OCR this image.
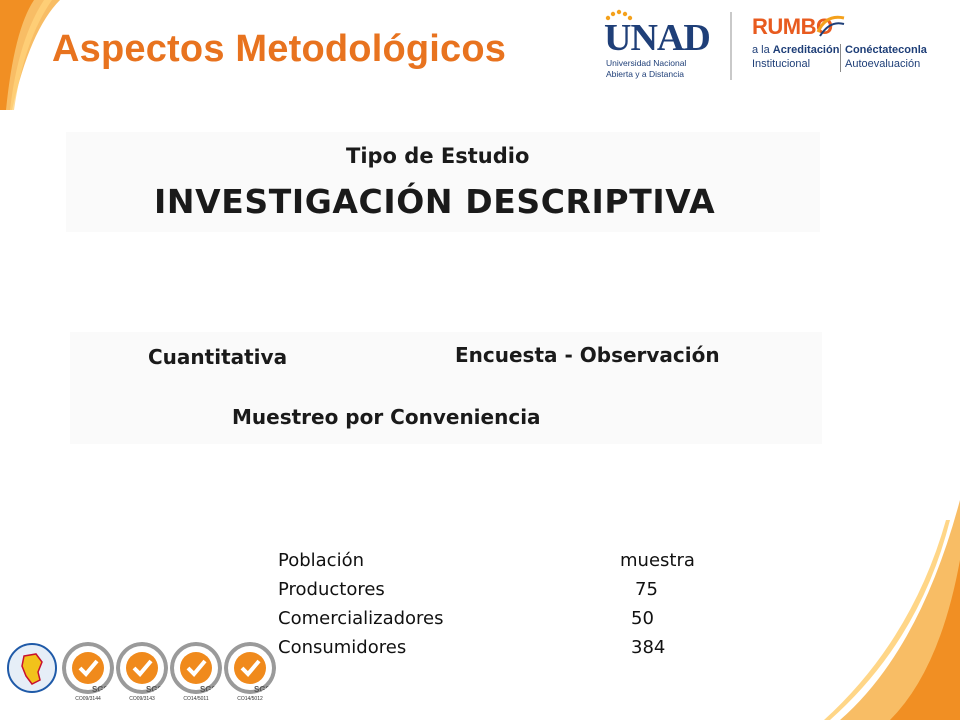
Aspectos Metodológicos	UNAD
Universidad Nacional
Abierta y a Distancia
RUMBO
a la Acreditación
Institucional
Conéctateconla
Autoevaluación
Tipo de Estudio
INVESTIGACIÓN DESCRIPTIVA
Cuantitativa	Encuesta - Observación
Muestreo por Conveniencia
Población	muestra
Productores	75
Comercializadores	50
Consumidores	384
SGS	SGS	SGS	SGS
CO09/3144	CO09/3143	CO14/5011	CO14/5012
